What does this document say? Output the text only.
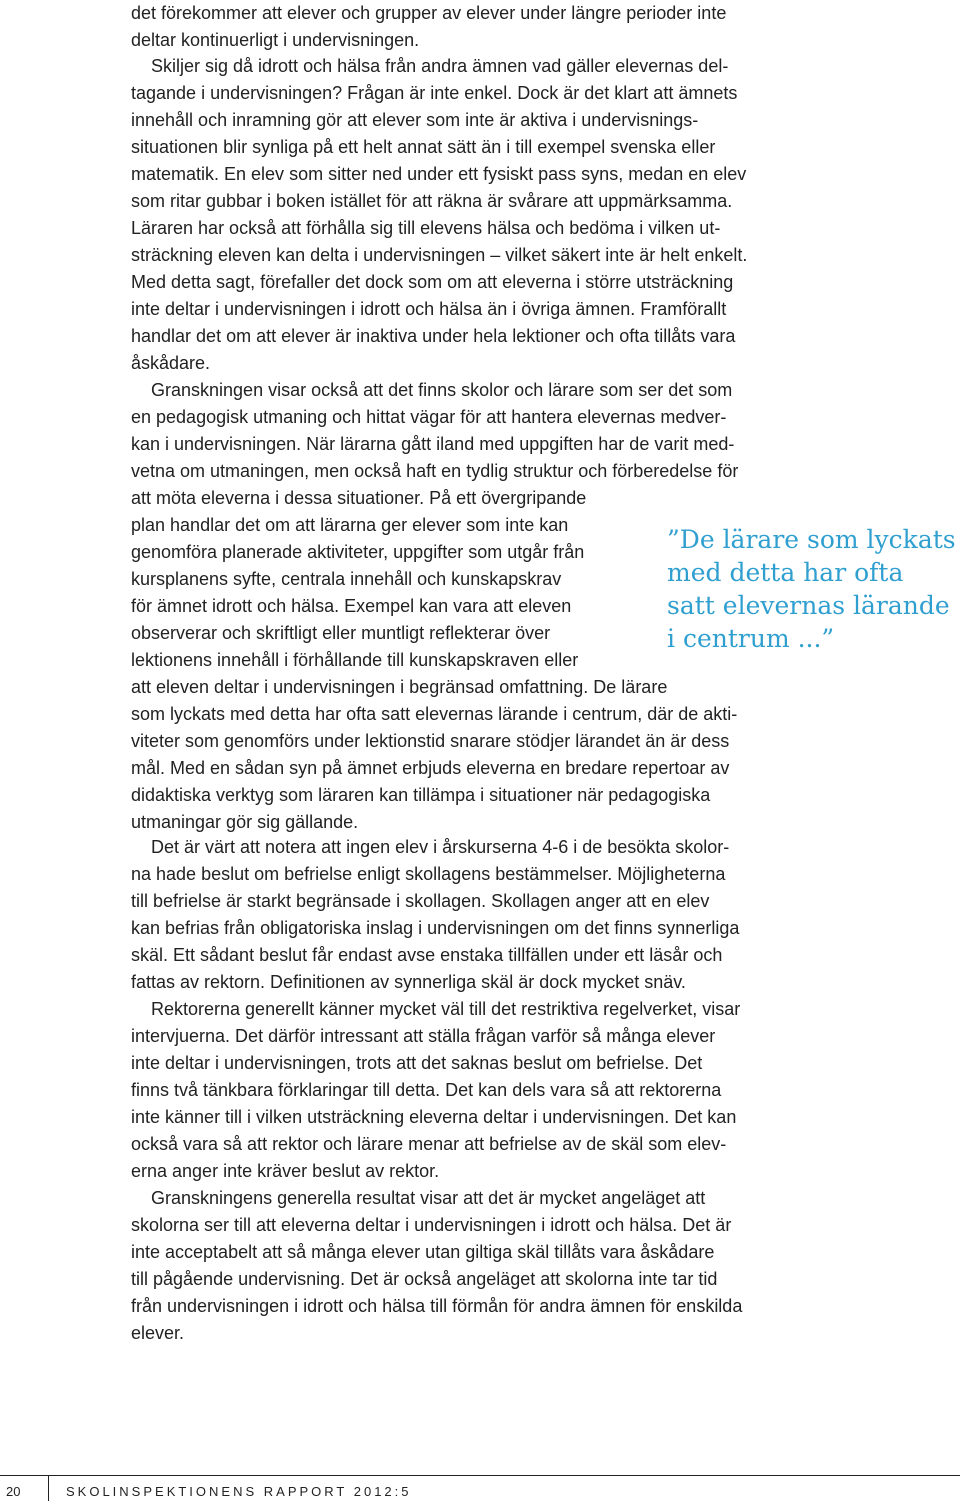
det förekommer att elever och grupper av elever under längre perioder inte
deltar kontinuerligt i undervisningen.
Skiljer sig då idrott och hälsa från andra ämnen vad gäller elevernas del-
tagande i undervisningen? Frågan är inte enkel. Dock är det klart att ämnets
innehåll och inramning gör att elever som inte är aktiva i undervisnings-
situationen blir synliga på ett helt annat sätt än i till exempel svenska eller
matematik. En elev som sitter ned under ett fysiskt pass syns, medan en elev
som ritar gubbar i boken istället för att räkna är svårare att uppmärksamma.
Läraren har också att förhålla sig till elevens hälsa och bedöma i vilken ut-
sträckning eleven kan delta i undervisningen – vilket säkert inte är helt enkelt.
Med detta sagt, förefaller det dock som om att eleverna i större utsträckning
inte deltar i undervisningen i idrott och hälsa än i övriga ämnen. Framförallt
handlar det om att elever är inaktiva under hela lektioner och ofta tillåts vara
åskådare.
Granskningen visar också att det finns skolor och lärare som ser det som
en pedagogisk utmaning och hittat vägar för att hantera elevernas medver-
kan i undervisningen. När lärarna gått iland med uppgiften har de varit med-
vetna om utmaningen, men också haft en tydlig struktur och förberedelse för
att möta eleverna i dessa situationer. På ett övergripande
plan handlar det om att lärarna ger elever som inte kan
genomföra planerade aktiviteter, uppgifter som utgår från
kursplanens syfte, centrala innehåll och kunskapskrav
för ämnet idrott och hälsa. Exempel kan vara att eleven
observerar och skriftligt eller muntligt reflekterar över
lektionens innehåll i förhållande till kunskapskraven eller
att eleven deltar i undervisningen i begränsad omfattning. De lärare
som lyckats med detta har ofta satt elevernas lärande i centrum, där de akti-
viteter som genomförs under lektionstid snarare stödjer lärandet än är dess
mål. Med en sådan syn på ämnet erbjuds eleverna en bredare repertoar av
didaktiska verktyg som läraren kan tillämpa i situationer när pedagogiska
utmaningar gör sig gällande.
Det är värt att notera att ingen elev i årskurserna 4-6 i de besökta skolor-
na hade beslut om befrielse enligt skollagens bestämmelser. Möjligheterna
till befrielse är starkt begränsade i skollagen. Skollagen anger att en elev
kan befrias från obligatoriska inslag i undervisningen om det finns synnerliga
skäl. Ett sådant beslut får endast avse enstaka tillfällen under ett läsår och
fattas av rektorn. Definitionen av synnerliga skäl är dock mycket snäv.
Rektorerna generellt känner mycket väl till det restriktiva regelverket, visar
intervjuerna. Det därför intressant att ställa frågan varför så många elever
inte deltar i undervisningen, trots att det saknas beslut om befrielse. Det
finns två tänkbara förklaringar till detta. Det kan dels vara så att rektorerna
inte känner till i vilken utsträckning eleverna deltar i undervisningen. Det kan
också vara så att rektor och lärare menar att befrielse av de skäl som elev-
erna anger inte kräver beslut av rektor.
Granskningens generella resultat visar att det är mycket angeläget att
skolorna ser till att eleverna deltar i undervisningen i idrott och hälsa. Det är
inte acceptabelt att så många elever utan giltiga skäl tillåts vara åskådare
till pågående undervisning. Det är också angeläget att skolorna inte tar tid
från undervisningen i idrott och hälsa till förmån för andra ämnen för enskilda
elever.
”De lärare som lyckats
med detta har ofta
satt elevernas lärande
i centrum ...”
20	SKOLINSPEKTIONENS RAPPORT 2012:5
